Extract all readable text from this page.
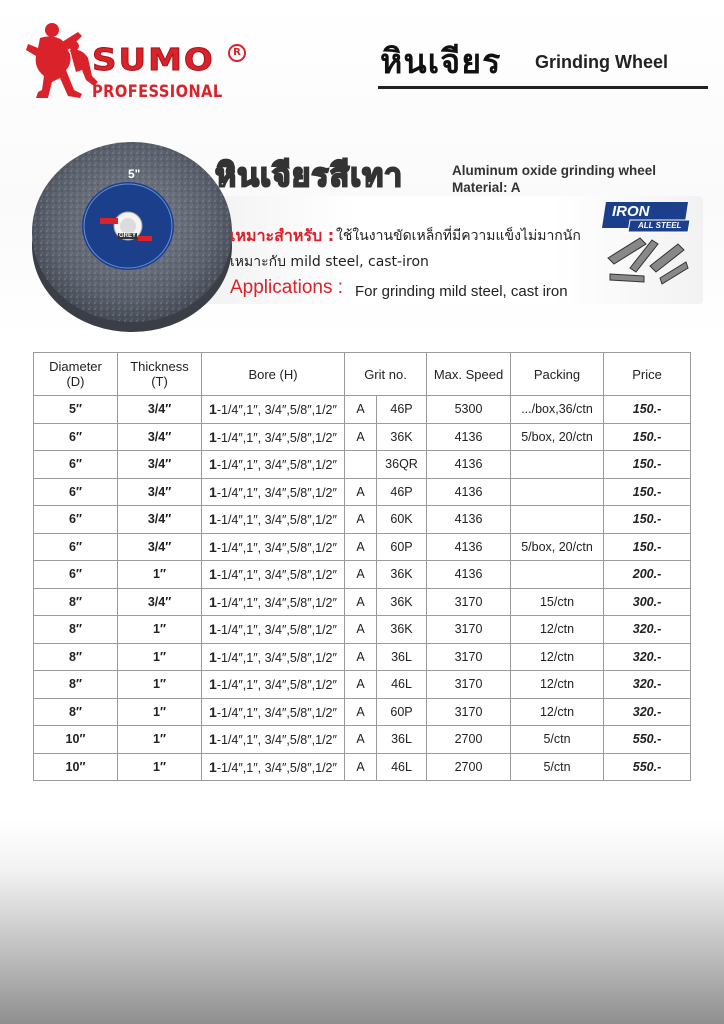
SUMO	R
PROFESSIONAL
หินเจียร Grinding Wheel
5"
GREY
หินเจียรสีเทา	Aluminum oxide grinding wheel
Material: A
เหมาะสำหรับ : ใช้ในงานขัดเหล็กที่มีความแข็งไม่มากนัก
เหมาะกับ mild steel, cast-iron
Applications : For grinding mild steel, cast iron
IRON
ALL STEEL
Diameter
(D)	Thickness
(T)	Bore (H)	Grit no.		Max. Speed	Packing	Price
5″	3/4″	1-1/4″,1″, 3/4″,5/8″,1/2″	A	46P	5300	.../box,36/ctn	150.-
6″	3/4″	1-1/4″,1″, 3/4″,5/8″,1/2″	A	36K	4136	5/box, 20/ctn	150.-
6″	3/4″	1-1/4″,1″, 3/4″,5/8″,1/2″		36QR	4136		150.-
6″	3/4″	1-1/4″,1″, 3/4″,5/8″,1/2″	A	46P	4136		150.-
6″	3/4″	1-1/4″,1″, 3/4″,5/8″,1/2″	A	60K	4136		150.-
6″	3/4″	1-1/4″,1″, 3/4″,5/8″,1/2″	A	60P	4136	5/box, 20/ctn	150.-
6″	1″	1-1/4″,1″, 3/4″,5/8″,1/2″	A	36K	4136		200.-
8″	3/4″	1-1/4″,1″, 3/4″,5/8″,1/2″	A	36K	3170	15/ctn	300.-
8″	1″	1-1/4″,1″, 3/4″,5/8″,1/2″	A	36K	3170	12/ctn	320.-
8″	1″	1-1/4″,1″, 3/4″,5/8″,1/2″	A	36L	3170	12/ctn	320.-
8″	1″	1-1/4″,1″, 3/4″,5/8″,1/2″	A	46L	3170	12/ctn	320.-
8″	1″	1-1/4″,1″, 3/4″,5/8″,1/2″	A	60P	3170	12/ctn	320.-
10″	1″	1-1/4″,1″, 3/4″,5/8″,1/2″	A	36L	2700	5/ctn	550.-
10″	1″	1-1/4″,1″, 3/4″,5/8″,1/2″	A	46L	2700	5/ctn	550.-
